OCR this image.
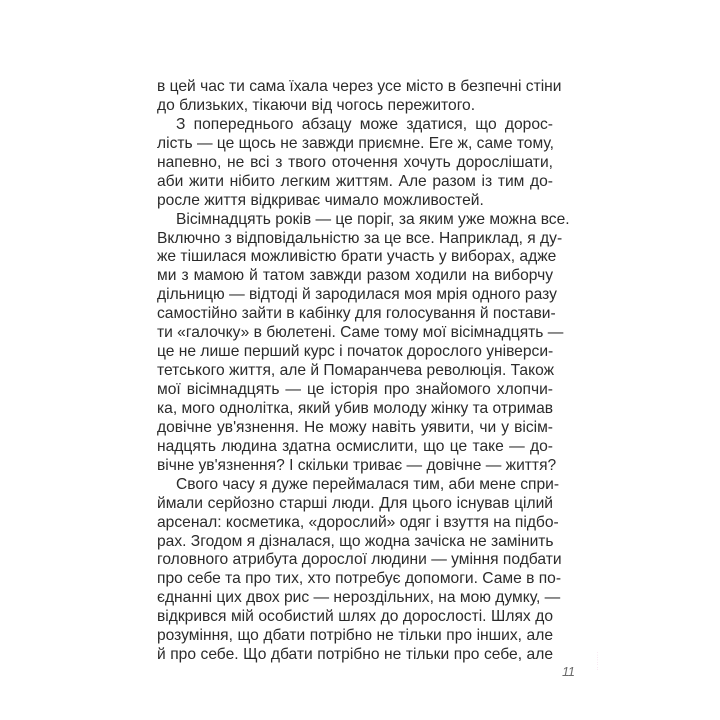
в цей час ти сама їхала через усе місто в безпечні стіни
до близьких, тікаючи від чогось пережитого.
З попереднього абзацу може здатися, що дорос-
лість — це щось не завжди приємне. Еге ж, саме тому,
напевно, не всі з твого оточення хочуть дорослішати,
аби жити нібито легким життям. Але разом із тим до-
росле життя відкриває чимало можливостей.
Вісімнадцять років — це поріг, за яким уже можна все.
Включно з відповідальністю за це все. Наприклад, я ду-
же тішилася можливістю брати участь у виборах, адже
ми з мамою й татом завжди разом ходили на виборчу
дільницю — відтоді й зародилася моя мрія одного разу
самостійно зайти в кабінку для голосування й постави-
ти «галочку» в бюлетені. Саме тому мої вісімнадцять —
це не лише перший курс і початок дорослого універси-
тетського життя, але й Помаранчева революція. Також
мої вісімнадцять — це історія про знайомого хлопчи-
ка, мого однолітка, який убив молоду жінку та отримав
довічне ув'язнення. Не можу навіть уявити, чи у вісім-
надцять людина здатна осмислити, що це таке — до-
вічне ув'язнення? І скільки триває — довічне — життя?
Свого часу я дуже переймалася тим, аби мене спри-
ймали серйозно старші люди. Для цього існував цілий
арсенал: косметика, «дорослий» одяг і взуття на підбо-
рах. Згодом я дізналася, що жодна зачіска не замінить
головного атрибута дорослої людини — уміння подбати
про себе та про тих, хто потребує допомоги. Саме в по-
єднанні цих двох рис — нероздільних, на мою думку, —
відкрився мій особистий шлях до дорослості. Шлях до
розуміння, що дбати потрібно не тільки про інших, але
й про себе. Що дбати потрібно не тільки про себе, але
11
· · · · · · · ·
